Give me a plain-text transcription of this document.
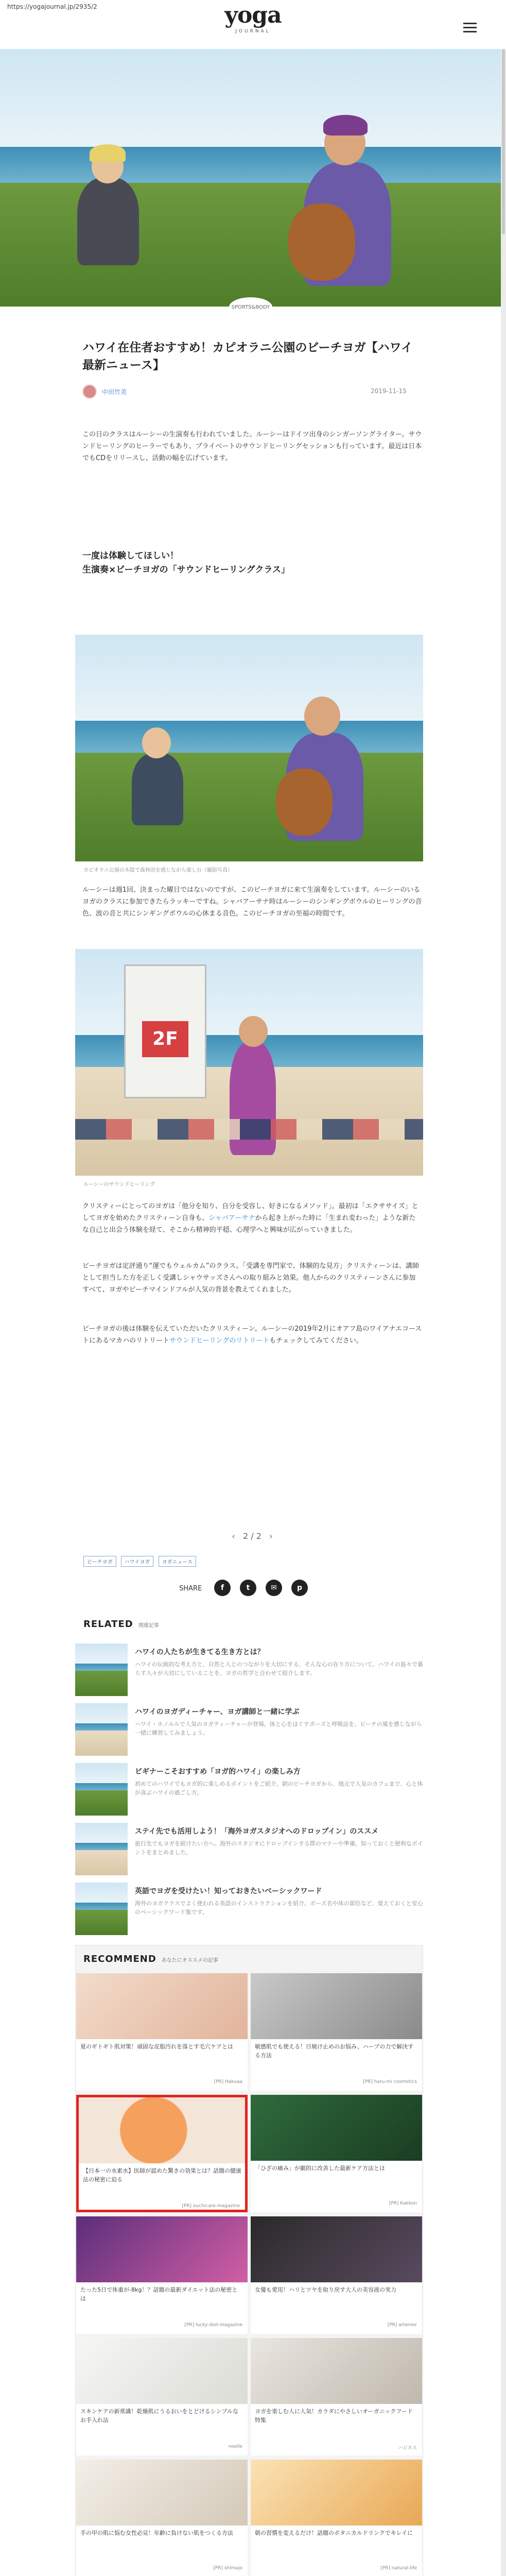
https://yogajournal.jp/2935/2	yoga
JOURNAL
SPORTS&BODY
ハワイ在住者おすすめ！カピオラニ公園のビーチヨガ【ハワイ最新ニュース】
中田竹美	2019-11-15

この日のクラスはルーシーの生演奏も行われていました。ルーシーはドイツ出身のシンガーソングライター。サウンドヒーリングのヒーラーでもあり、プライベートのサウンドヒーリングセッションも行っています。最近は日本でもCDをリリースし、活動の幅を広げています。

一度は体験してほしい！
生演奏×ビーチヨガの「サウンドヒーリングクラス」
カピオラニ公園の木陰で森林浴を感じながら楽しむ（撮影写真）

ルーシーは週1回、決まった曜日ではないのですが、このビーチヨガに来て生演奏をしています。ルーシーのいるヨガのクラスに参加できたらラッキーですね。シャバアーサナ時はルーシーのシンギングボウルのヒーリングの音色、波の音と共にシンギングボウルの心休まる音色。このビーチヨガの至福の時間です。

2F
ルーシーのサウンドヒーリング

クリスティーにとってのヨガは「他分を知り、自分を受容し、好きになるメソッド」。最初は「エクササイズ」としてヨガを始めたクリスティーン自身も、シャバアーサナから起き上がった時に「生まれ変わった」ような新たな自己と出会う体験を経て、そこから精神的平穏、心理学へと興味が広がっていきました。

ビーチヨガは定評通り“運でもウェルカム”のクラス。「受講を専門家で、体験的な見方」クリスティーンは、講師として担当した方を正しく受講しシャウサッズさんへの取り組みと効果。他人からのクリスティーンさんに参加すべて、ヨガやビーチマインドフルが人気の背景を教えてくれました。

ビーチヨガの後は体験を伝えていただいたクリスティーン。ルーシーの2019年2月にオアフ島のワイアナエコーストにあるマカハのリトリートサウンドヒーリングのリトリートもチェックしてみてください。

‹ 2 / 2 ›
ビーチヨガ ハワイヨガ ヨガニュース
SHARE	f	t	✉	p
RELATED 関連記事
ハワイの人たちが生きてる生き方とは？
ハワイの伝統的な考え方と、自然と人とのつながりを大切にする、そんな心の在り方について。ハワイの島々で暮らす人々が大切にしていることを、ヨガの哲学と合わせて紹介します。
ハワイのヨガディーチャー、ヨガ講師と一緒に学ぶ
ハワイ・ホノルルで人気のヨガティーチャーが登場。体と心をほぐすポーズと呼吸法を、ビーチの風を感じながら一緒に練習してみましょう。
ビギナーこそおすすめ「ヨガ的ハワイ」の楽しみ方
初めてのハワイでもヨガ的に楽しめるポイントをご紹介。朝のビーチヨガから、地元で人気のカフェまで、心と体が喜ぶハワイの過ごし方。
ステイ先でも活用しよう！「海外ヨガスタジオへのドロップイン」のススメ
旅行先でもヨガを続けたい方へ。海外のスタジオにドロップインする際のマナーや準備、知っておくと便利なポイントをまとめました。
英語でヨガを受けたい！知っておきたいベーシックワード
海外のヨガクラスでよく使われる英語のインストラクションを紹介。ポーズ名や体の部位など、覚えておくと安心のベーシックワード集です。
RECOMMEND あなたにオススメの記事
夏のギトギト肌対策！頑固な皮脂汚れを落とす毛穴ケアとは
[PR] Hakuaa
敏感肌でも使える！日焼け止めのお悩み、ハーブの力で解決する方法
[PR] haru-mi cosmetics
【日本一の水素水】医師が認めた驚きの効果とは？話題の健康法の秘密に迫る
[PR] ouchicare-magazine
「ひざの痛み」が劇的に改善した最新ケア方法とは
[PR] Kakkon
たった5日で体重が-8kg！？話題の最新ダイエット法の秘密とは
[PR] lucky-diet-magazine
女優も愛用！ハリとツヤを取り戻す大人の美容液の実力
[PR] artenier
スキンケアの新常識！乾燥肌にうるおいをとどけるシンプルなお手入れ法
noelle
ヨガを楽しむ人に人気！カラダにやさしいオーガニックフード特集
ハピネス
手の甲の肌に悩む女性必見！年齢に負けない肌をつくる方法
[PR] shimajo
朝の習慣を変えるだけ！話題のボタニカルドリンクでキレイに
[PR] natural-life
